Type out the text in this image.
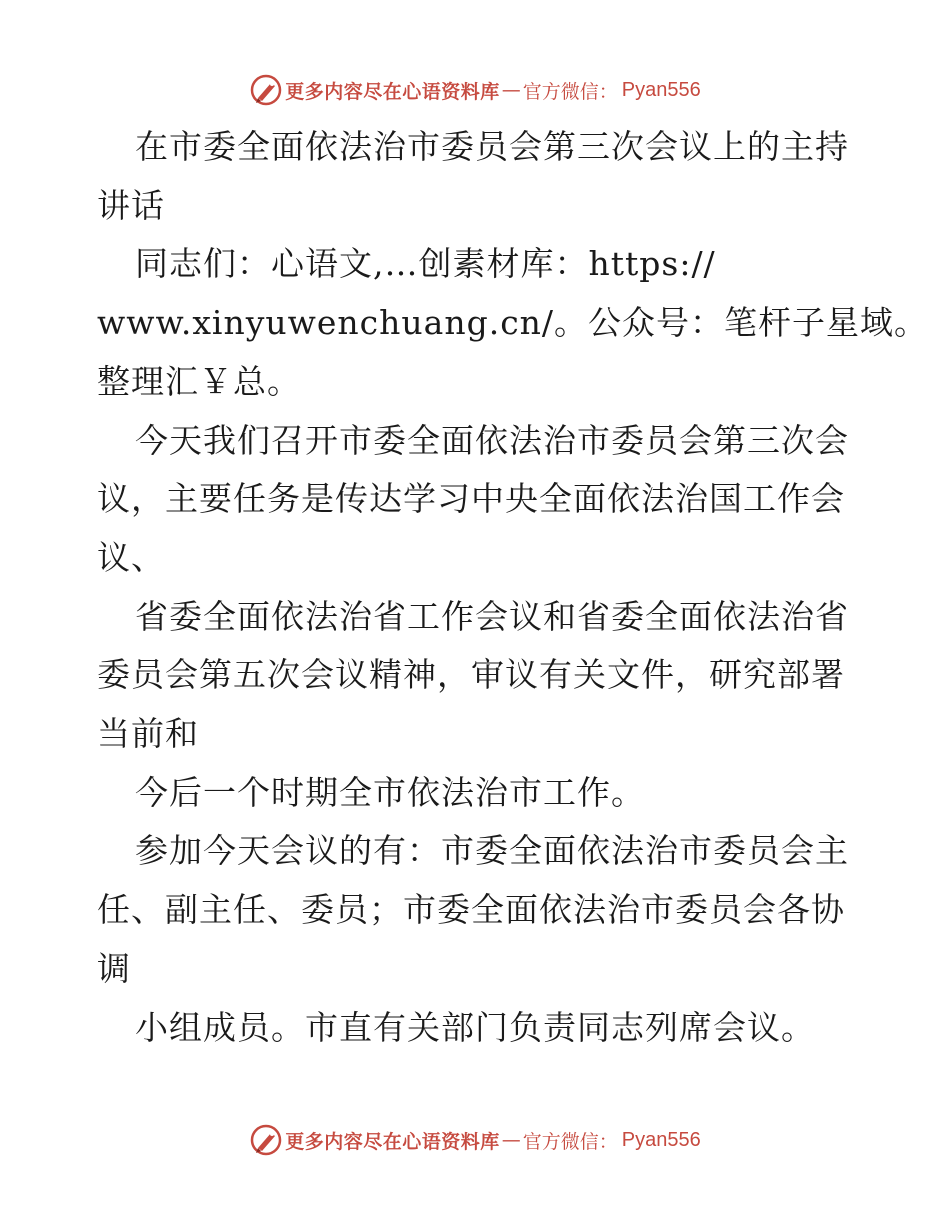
更多内容尽在心语资料库 — 官方微信： Pyan556

在市委全面依法治市委员会第三次会议上的主持
讲话

同志们：心语文,…创素材库：https://
www.xinyuwenchuang.cn/。公众号：笔杆子星域。
整理汇￥总。

今天我们召开市委全面依法治市委员会第三次会
议，主要任务是传达学习中央全面依法治国工作会
议、

省委全面依法治省工作会议和省委全面依法治省
委员会第五次会议精神，审议有关文件，研究部署
当前和

今后一个时期全市依法治市工作。

参加今天会议的有：市委全面依法治市委员会主
任、副主任、委员；市委全面依法治市委员会各协
调

小组成员。市直有关部门负责同志列席会议。

更多内容尽在心语资料库 — 官方微信： Pyan556
